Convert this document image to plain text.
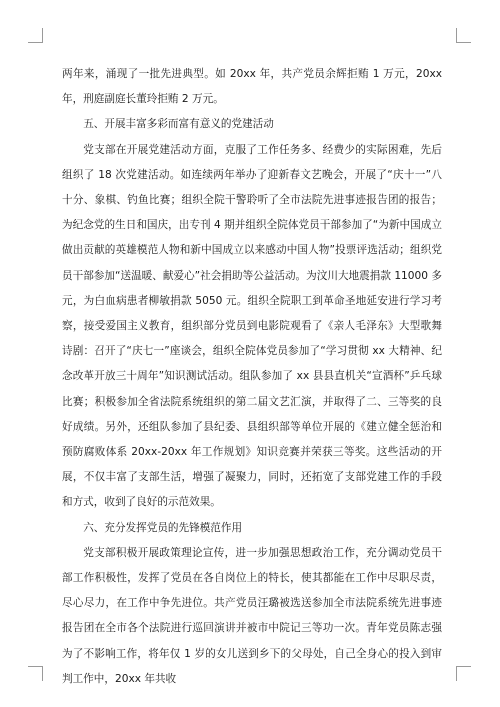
两年来，涌现了一批先进典型。如 20xx 年，共产党员余辉拒贿 1 万元，20xx 年，刑庭副庭长董玲拒贿 2 万元。

五、开展丰富多彩而富有意义的党建活动

党支部在开展党建活动方面，克服了工作任务多、经费少的实际困难，先后组织了 18 次党建活动。如连续两年举办了迎新春文艺晚会，开展了“庆十一”八十分、象棋、钓鱼比赛；组织全院干警聆听了全市法院先进事迹报告团的报告；为纪念党的生日和国庆，出专刊 4 期并组织全院体党员干部参加了“为新中国成立做出贡献的英雄模范人物和新中国成立以来感动中国人物”投票评选活动；组织党员干部参加“送温暖、献爱心”社会捐助等公益活动。为汶川大地震捐款 11000 多元，为白血病患者柳敏捐款 5050 元。组织全院职工到革命圣地延安进行学习考察，接受爱国主义教育，组织部分党员到电影院观看了《亲人毛泽东》大型歌舞诗剧：召开了“庆七一”座谈会，组织全院体党员参加了“学习贯彻 xx 大精神、纪念改革开放三十周年”知识测试活动。组队参加了 xx 县县直机关“宣酒杯”乒乓球比赛；积极参加全省法院系统组织的第二届文艺汇演，并取得了二、三等奖的良好成绩。另外，还组队参加了县纪委、县组织部等单位开展的《建立健全惩治和预防腐败体系 20xx-20xx 年工作规划》知识竞赛并荣获三等奖。这些活动的开展，不仅丰富了支部生活，增强了凝聚力，同时，还拓宽了支部党建工作的手段和方式，收到了良好的示范效果。

六、充分发挥党员的先锋模范作用

党支部积极开展政策理论宣传，进一步加强思想政治工作，充分调动党员干部工作积极性，发挥了党员在各自岗位上的特长，使其都能在工作中尽职尽责，尽心尽力，在工作中争先进位。共产党员汪璐被选送参加全市法院系统先进事迹报告团在全市各个法院进行巡回演讲并被市中院记三等功一次。青年党员陈志强为了不影响工作，将年仅 1 岁的女儿送到乡下的父母处，自己全身心的投入到审判工作中，20xx 年共收
